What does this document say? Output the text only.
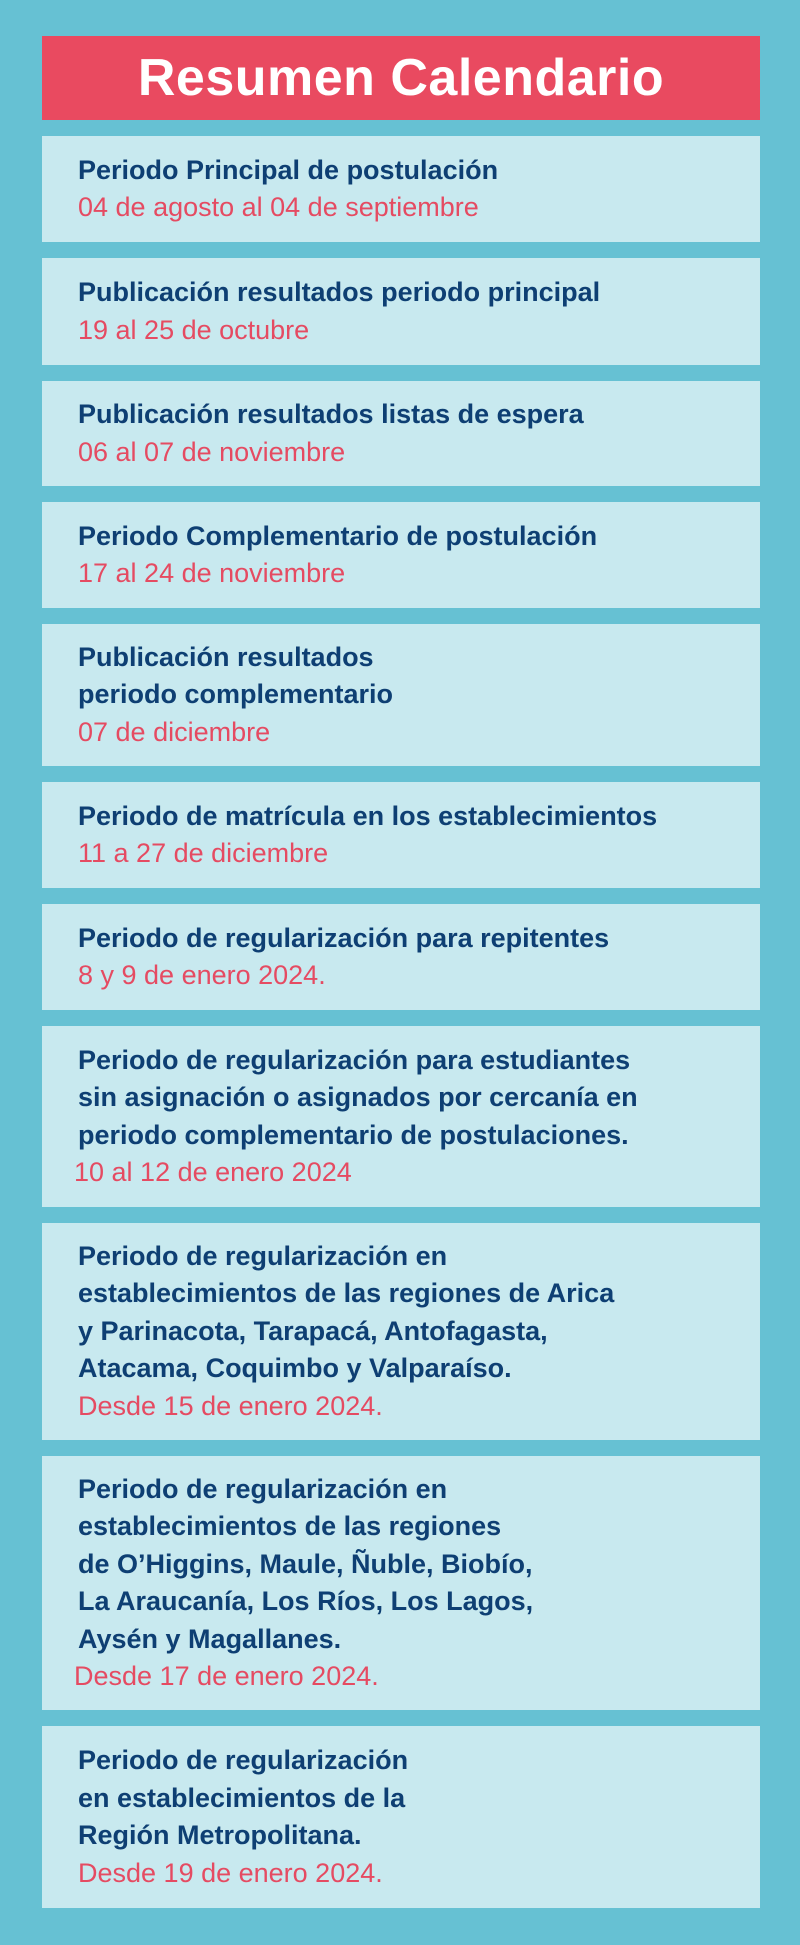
Resumen Calendario
Periodo Principal de postulación
04 de agosto al 04 de septiembre
Publicación resultados periodo principal
19 al 25 de octubre
Publicación resultados listas de espera
06 al 07 de noviembre
Periodo Complementario de postulación
17 al 24 de noviembre
Publicación resultados
periodo complementario
07 de diciembre
Periodo de matrícula en los establecimientos
11 a 27 de diciembre
Periodo de regularización para repitentes
8 y 9 de enero 2024.
Periodo de regularización para estudiantes
sin asignación o asignados por cercanía en
periodo complementario de postulaciones.
10 al 12 de enero 2024
Periodo de regularización en
establecimientos de las regiones de Arica
y Parinacota, Tarapacá, Antofagasta,
Atacama, Coquimbo y Valparaíso.
Desde 15 de enero 2024.
Periodo de regularización en
establecimientos de las regiones
de O’Higgins, Maule, Ñuble, Biobío,
La Araucanía, Los Ríos, Los Lagos,
Aysén y Magallanes.
Desde 17 de enero 2024.
Periodo de regularización
en establecimientos de la
Región Metropolitana.
Desde 19 de enero 2024.
